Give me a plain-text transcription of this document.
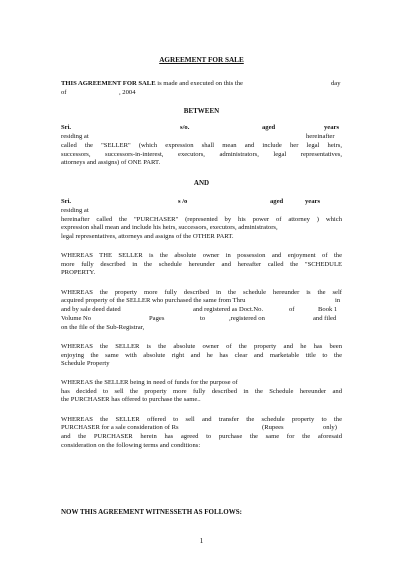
AGREEMENT FOR SALE
THIS AGREEMENT FOR SALE is made and executed on this the	day
of	, 2004
BETWEEN
Sri.	s/o.	aged	years
residing at	hereinafter
called the "SELLER" (which expression shall mean and include her legal heirs,
successors, successors-in-interest, executors, administrators, legal representatives,
attorneys and assigns) of ONE PART.
AND
Sri.	s /o	aged	years
residing at
hereinafter called the "PURCHASER" (represented by his power of attorney ) which
expression shall mean and include his heirs, successors, executors, administrators,
legal representatives, attorneys and assigns of the OTHER PART.
WHEREAS THE SELLER is the absolute owner in possession and enjoyment of the
more fully described in the schedule hereunder and hereafter called the "SCHEDULE
PROPERTY.
WHEREAS the property more fully described in the schedule hereunder is the self
acquired property of the SELLER who purchased the same from Thru	in
and by sale deed dated	and registered as Doct.No.	of	Book 1
Volume No	Pages	to	,registered on	and filed
on the file of the Sub-Registrar,
WHEREAS the SELLER is the absolute owner of the property and he has been
enjoying the same with absolute right and he has clear and marketable title to the
Schedule Property
WHEREAS the SELLER being in need of funds for the purpose of
has decided to sell the property more fully described in the Schedule hereunder and
the PURCHASER has offered to purchase the same..
WHEREAS the SELLER offered to sell and transfer the schedule property to the
PURCHASER for a sale consideration of Rs	(Rupees	only)
and the PURCHASER herein has agreed to purchase the same for the aforesaid
consideration on the following terms and conditions:
NOW THIS AGREEMENT WITNESSETH AS FOLLOWS:
1
